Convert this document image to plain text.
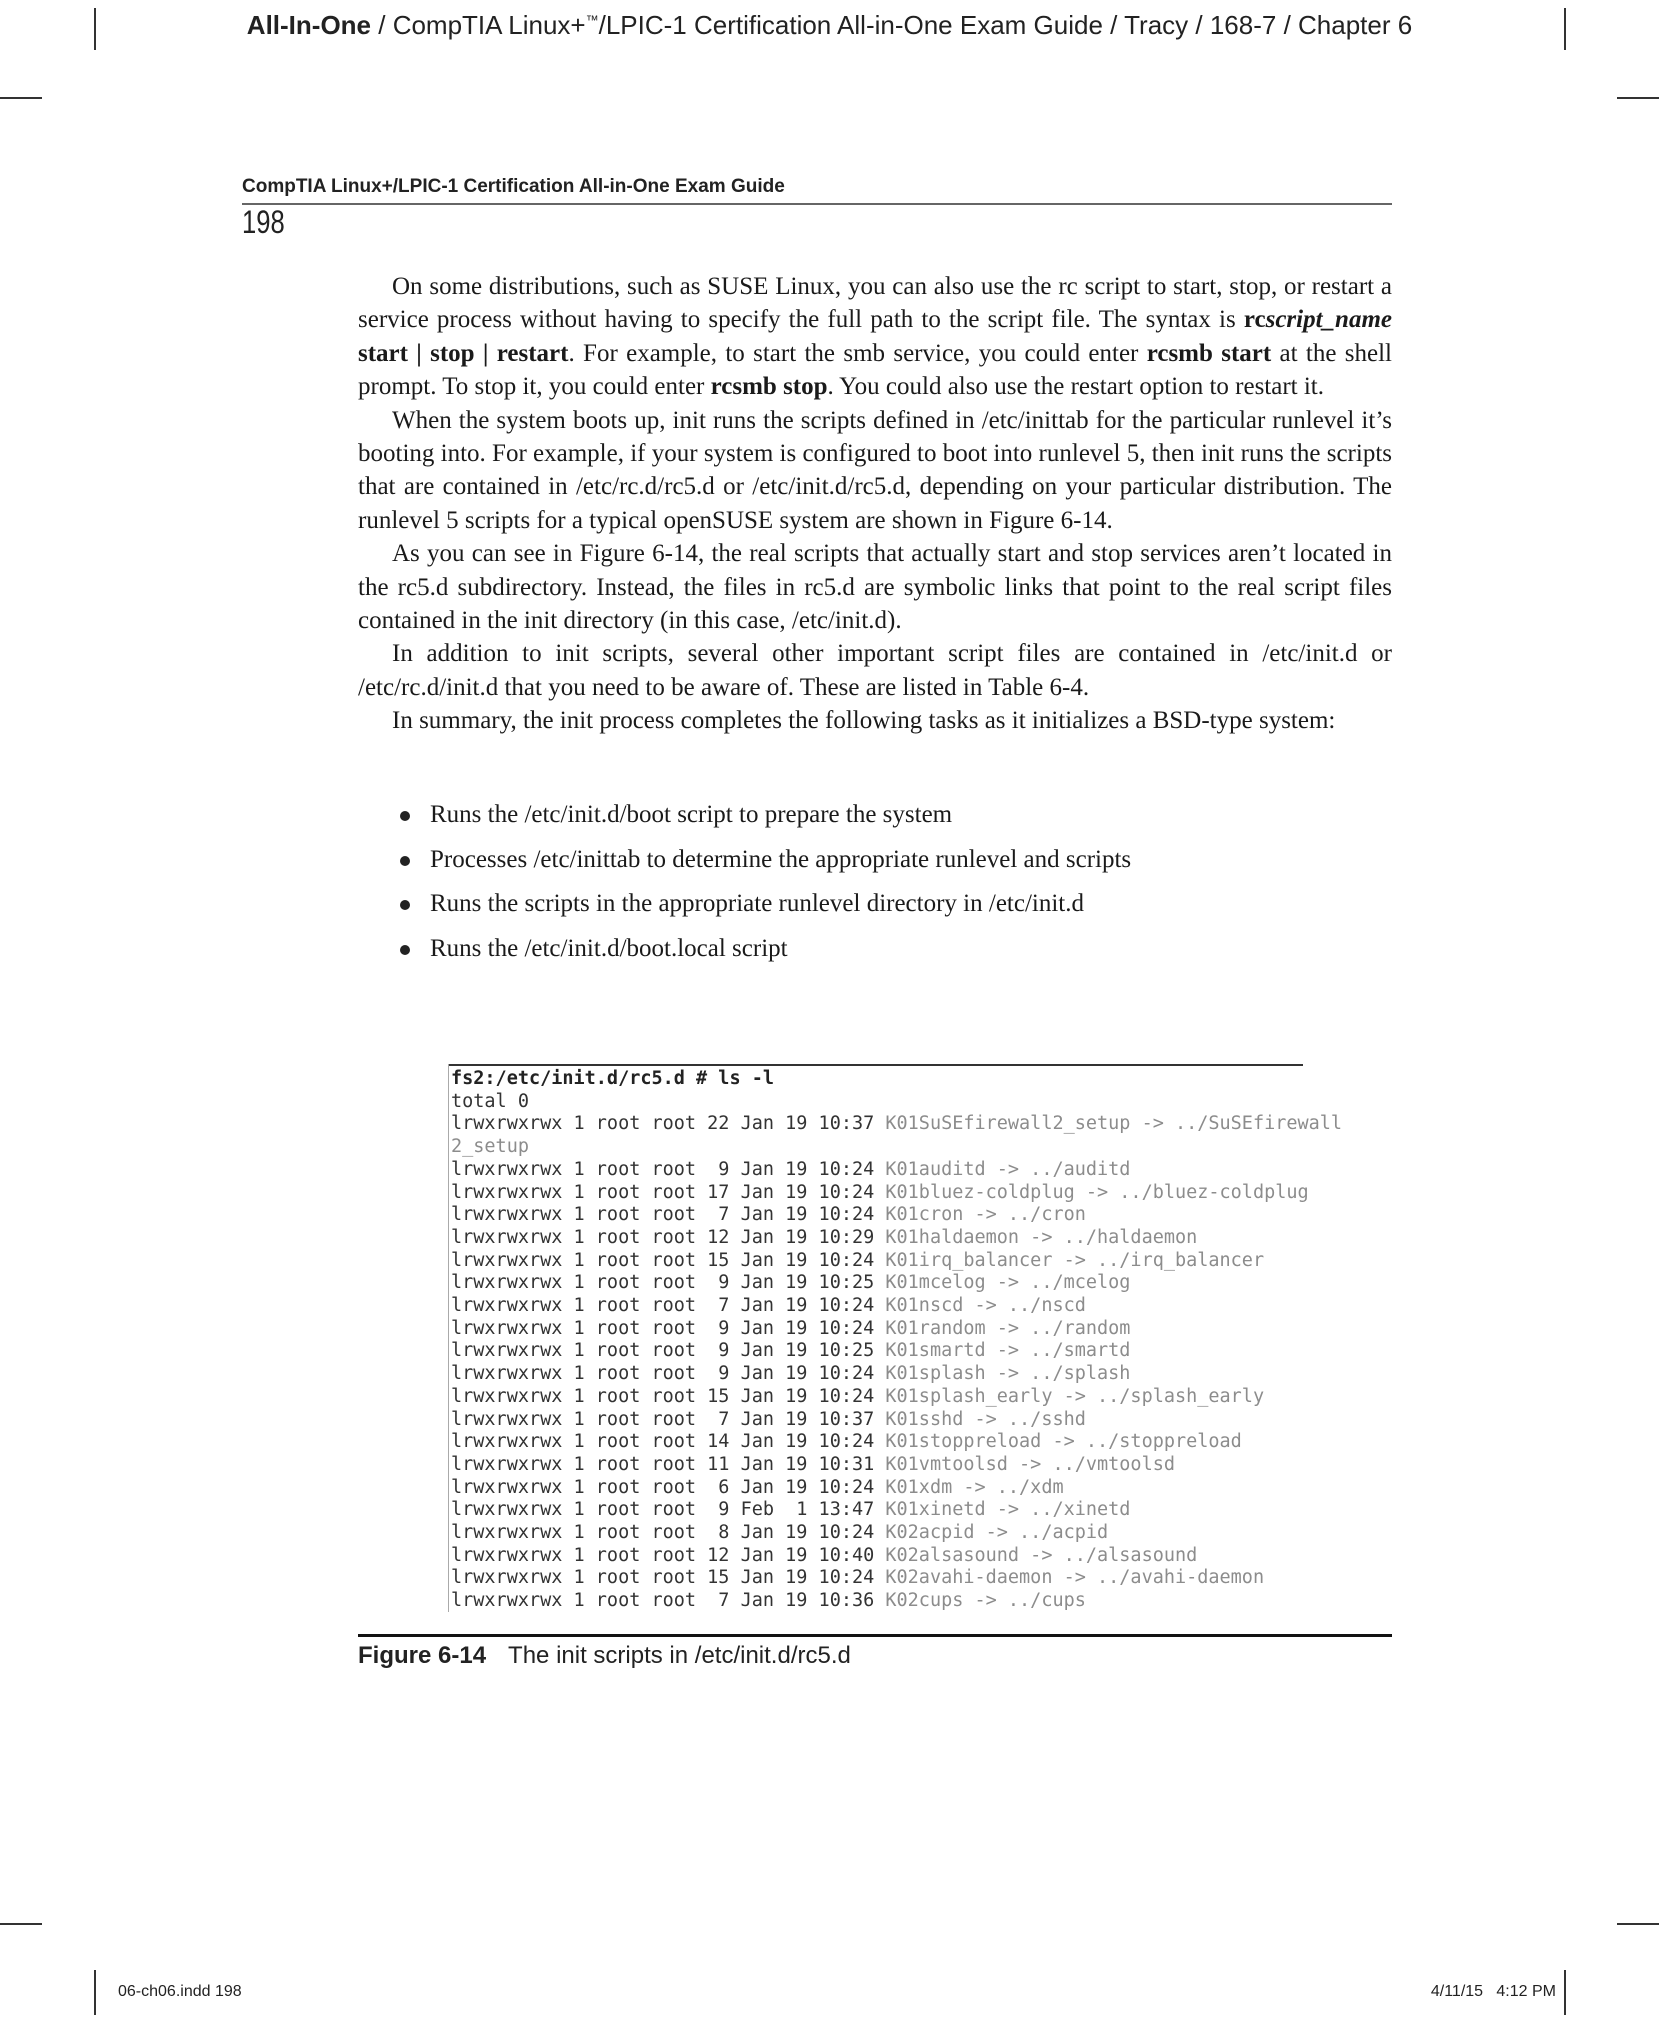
All-In-One / CompTIA Linux+™/LPIC-1 Certification All-in-One Exam Guide / Tracy / 168-7 / Chapter 6
CompTIA Linux+/LPIC-1 Certification All-in-One Exam Guide
198

On some distributions, such as SUSE Linux, you can also use the rc script to start, stop, or restart a service process without having to specify the full path to the script file. The syntax is rcscript_name start | stop | restart. For example, to start the smb service, you could enter rcsmb start at the shell prompt. To stop it, you could enter rcsmb stop. You could also use the restart option to restart it.

When the system boots up, init runs the scripts defined in /etc/inittab for the particular runlevel it’s booting into. For example, if your system is configured to boot into runlevel 5, then init runs the scripts that are contained in /etc/rc.d/rc5.d or /etc/init.d/rc5.d, depending on your particular distribution. The runlevel 5 scripts for a typical openSUSE system are shown in Figure 6-14.

As you can see in Figure 6-14, the real scripts that actually start and stop services aren’t located in the rc5.d subdirectory. Instead, the files in rc5.d are symbolic links that point to the real script files contained in the init directory (in this case, /etc/init.d).

In addition to init scripts, several other important script files are contained in /etc/init.d or /etc/rc.d/init.d that you need to be aware of. These are listed in Table 6-4.

In summary, the init process completes the following tasks as it initializes a BSD-type system:

Runs the /etc/init.d/boot script to prepare the system
Processes /etc/inittab to determine the appropriate runlevel and scripts
Runs the scripts in the appropriate runlevel directory in /etc/init.d
Runs the /etc/init.d/boot.local script
fs2:/etc/init.d/rc5.d # ls -l
total 0
lrwxrwxrwx 1 root root 22 Jan 19 10:37 K01SuSEfirewall2_setup -> ../SuSEfirewall
2_setup
lrwxrwxrwx 1 root root  9 Jan 19 10:24 K01auditd -> ../auditd
lrwxrwxrwx 1 root root 17 Jan 19 10:24 K01bluez-coldplug -> ../bluez-coldplug
lrwxrwxrwx 1 root root  7 Jan 19 10:24 K01cron -> ../cron
lrwxrwxrwx 1 root root 12 Jan 19 10:29 K01haldaemon -> ../haldaemon
lrwxrwxrwx 1 root root 15 Jan 19 10:24 K01irq_balancer -> ../irq_balancer
lrwxrwxrwx 1 root root  9 Jan 19 10:25 K01mcelog -> ../mcelog
lrwxrwxrwx 1 root root  7 Jan 19 10:24 K01nscd -> ../nscd
lrwxrwxrwx 1 root root  9 Jan 19 10:24 K01random -> ../random
lrwxrwxrwx 1 root root  9 Jan 19 10:25 K01smartd -> ../smartd
lrwxrwxrwx 1 root root  9 Jan 19 10:24 K01splash -> ../splash
lrwxrwxrwx 1 root root 15 Jan 19 10:24 K01splash_early -> ../splash_early
lrwxrwxrwx 1 root root  7 Jan 19 10:37 K01sshd -> ../sshd
lrwxrwxrwx 1 root root 14 Jan 19 10:24 K01stoppreload -> ../stoppreload
lrwxrwxrwx 1 root root 11 Jan 19 10:31 K01vmtoolsd -> ../vmtoolsd
lrwxrwxrwx 1 root root  6 Jan 19 10:24 K01xdm -> ../xdm
lrwxrwxrwx 1 root root  9 Feb  1 13:47 K01xinetd -> ../xinetd
lrwxrwxrwx 1 root root  8 Jan 19 10:24 K02acpid -> ../acpid
lrwxrwxrwx 1 root root 12 Jan 19 10:40 K02alsasound -> ../alsasound
lrwxrwxrwx 1 root root 15 Jan 19 10:24 K02avahi-daemon -> ../avahi-daemon
lrwxrwxrwx 1 root root  7 Jan 19 10:36 K02cups -> ../cups
Figure 6-14 The init scripts in /etc/init.d/rc5.d
06-ch06.indd 198	4/11/15   4:12 PM
